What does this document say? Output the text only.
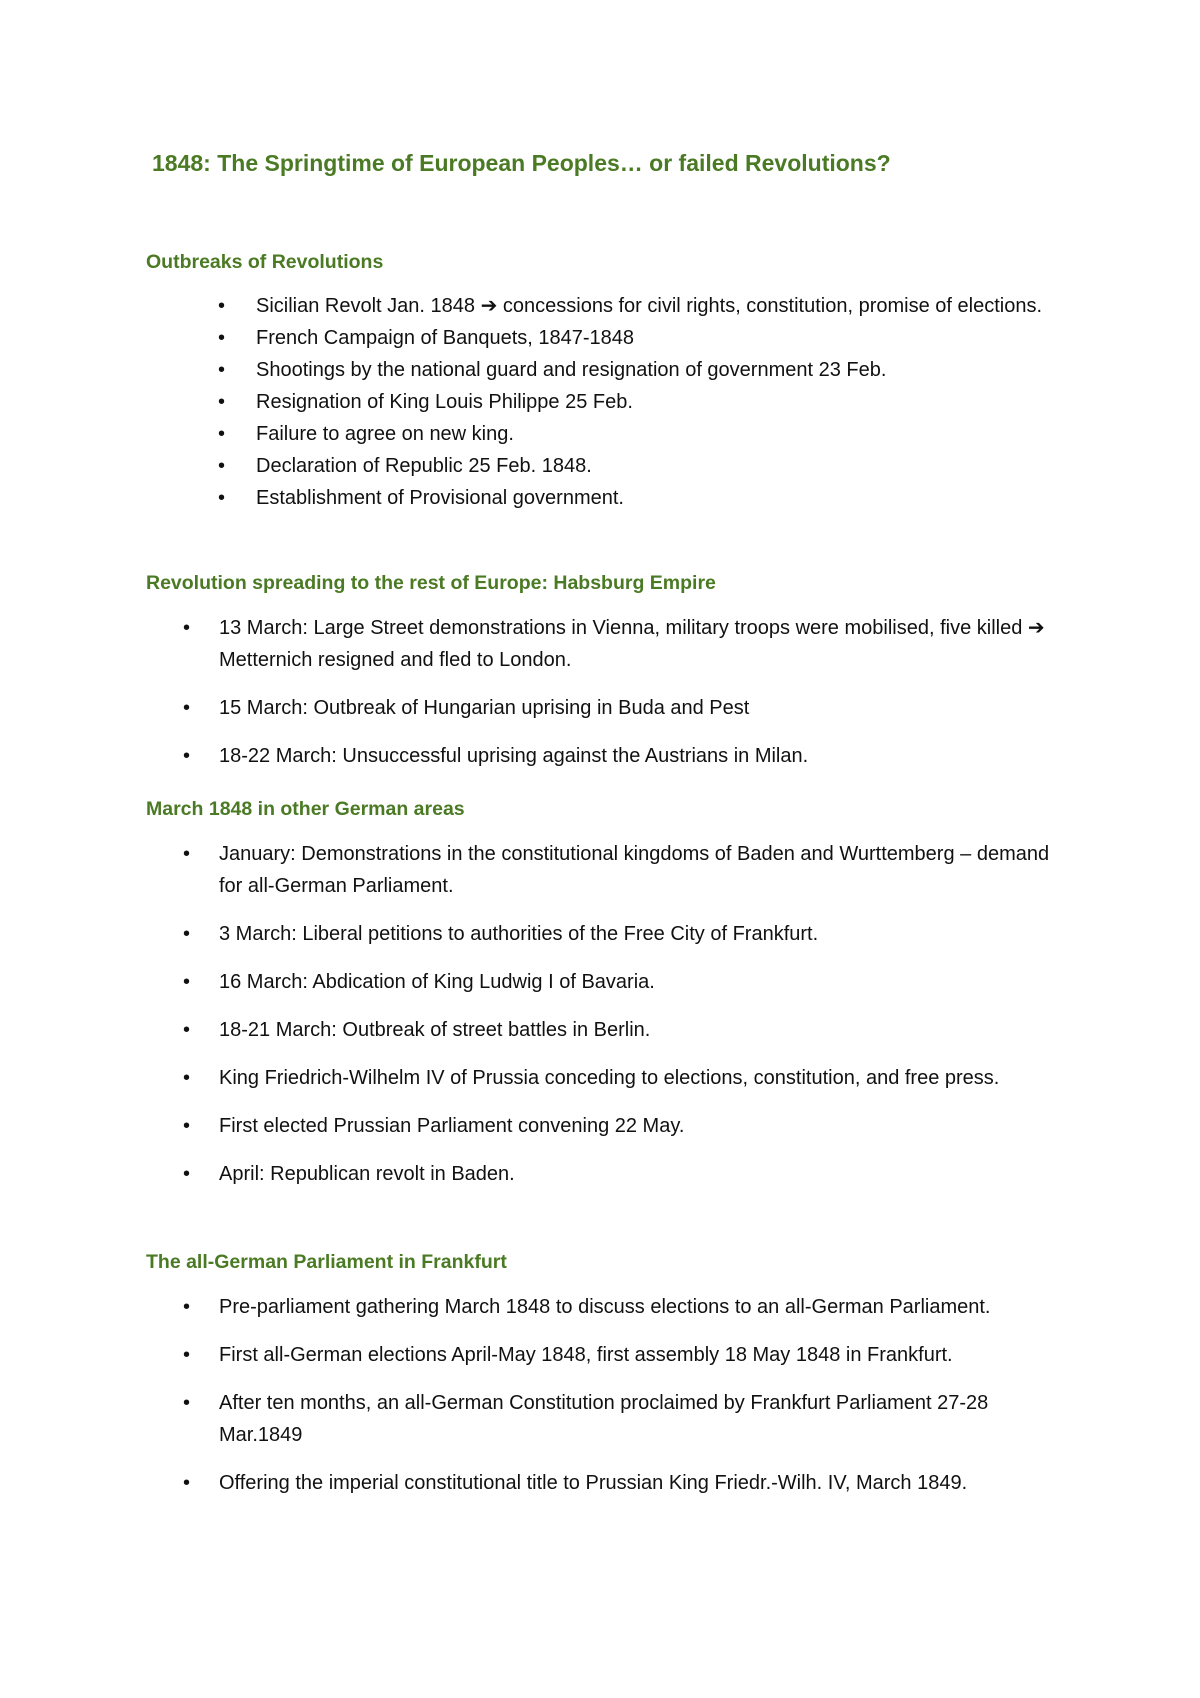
1848: The Springtime of European Peoples… or failed Revolutions?
Outbreaks of Revolutions
• Sicilian Revolt Jan. 1848 ➔ concessions for civil rights, constitution, promise of elections.
• French Campaign of Banquets, 1847-1848
• Shootings by the national guard and resignation of government 23 Feb.
• Resignation of King Louis Philippe 25 Feb.
• Failure to agree on new king.
• Declaration of Republic 25 Feb. 1848.
• Establishment of Provisional government.
Revolution spreading to the rest of Europe: Habsburg Empire
• 13 March: Large Street demonstrations in Vienna, military troops were mobilised, five killed ➔ Metternich resigned and fled to London.
• 15 March: Outbreak of Hungarian uprising in Buda and Pest
• 18-22 March: Unsuccessful uprising against the Austrians in Milan.
March 1848 in other German areas
• January: Demonstrations in the constitutional kingdoms of Baden and Wurttemberg – demand for all-German Parliament.
• 3 March: Liberal petitions to authorities of the Free City of Frankfurt.
• 16 March: Abdication of King Ludwig I of Bavaria.
• 18-21 March: Outbreak of street battles in Berlin.
• King Friedrich-Wilhelm IV of Prussia conceding to elections, constitution, and free press.
• First elected Prussian Parliament convening 22 May.
• April: Republican revolt in Baden.
The all-German Parliament in Frankfurt
• Pre-parliament gathering March 1848 to discuss elections to an all-German Parliament.
• First all-German elections April-May 1848, first assembly 18 May 1848 in Frankfurt.
• After ten months, an all-German Constitution proclaimed by Frankfurt Parliament 27-28 Mar.1849
• Offering the imperial constitutional title to Prussian King Friedr.-Wilh. IV, March 1849.
